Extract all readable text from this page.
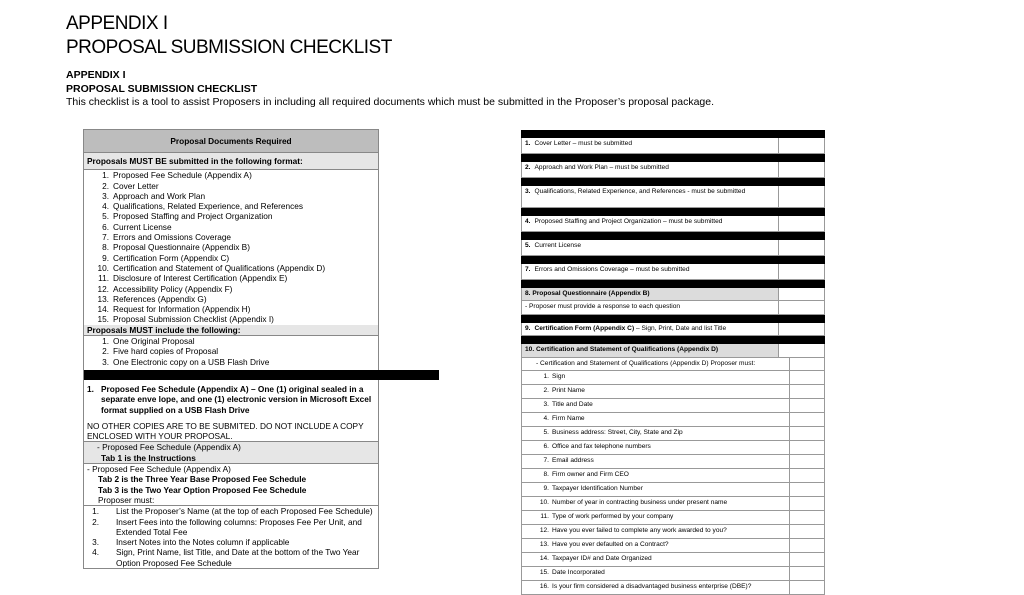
APPENDIX I
PROPOSAL SUBMISSION CHECKLIST
APPENDIX I
PROPOSAL SUBMISSION CHECKLIST
This checklist is a tool to assist Proposers in including all required documents which must be submitted in the Proposer’s proposal package.
Proposal Documents Required
Proposals MUST BE submitted in the following format:
1. Proposed Fee Schedule (Appendix A)
2. Cover Letter
3. Approach and Work Plan
4. Qualifications, Related Experience, and References
5. Proposed Staffing and Project Organization
6. Current License
7. Errors and Omissions Coverage
8. Proposal Questionnaire (Appendix B)
9. Certification Form (Appendix C)
10. Certification and Statement of Qualifications (Appendix D)
11. Disclosure of Interest Certification (Appendix E)
12. Accessibility Policy (Appendix F)
13. References (Appendix G)
14. Request for Information (Appendix H)
15. Proposal Submission Checklist (Appendix I)
Proposals MUST include the following:
1. One Original Proposal
2. Five hard copies of Proposal
3. One Electronic copy on a USB Flash Drive
1. Proposed Fee Schedule (Appendix A) – One (1) original sealed in a separate enve lope, and one (1) electronic version in Microsoft Excel format supplied on a USB Flash Drive
NO OTHER COPIES ARE TO BE SUBMITED. DO NOT INCLUDE A COPY ENCLOSED WITH YOUR PROPOSAL.
- Proposed Fee Schedule (Appendix A)
Tab 1 is the Instructions
- Proposed Fee Schedule (Appendix A)
Tab 2 is the Three Year Base Proposed Fee Schedule
Tab 3 is the Two Year Option Proposed Fee Schedule
Proposer must:
1.	List the Proposer’s Name (at the top of each Proposed Fee Schedule)
2.	Insert Fees into the following columns: Proposes Fee Per Unit, and Extended Total Fee
3.	Insert Notes into the Notes column if applicable
4.	Sign, Print Name, list Title, and Date at the bottom of the Two Year Option Proposed Fee Schedule
1. Cover Letter – must be submitted
2. Approach and Work Plan – must be submitted
3. Qualifications, Related Experience, and References - must be submitted
4. Proposed Staffing and Project Organization – must be submitted
5. Current License
7. Errors and Omissions Coverage – must be submitted
8. Proposal Questionnaire (Appendix B)
- Proposer must provide a response to each question
9. Certification Form (Appendix C) – Sign, Print, Date and list Title
10. Certification and Statement of Qualifications (Appendix D)
- Certification and Statement of Qualifications (Appendix D) Proposer must:
1. Sign
2. Print Name
3. Title and Date
4. Firm Name
5. Business address: Street, City, State and Zip
6. Office and fax telephone numbers
7. Email address
8. Firm owner and Firm CEO
9. Taxpayer Identification Number
10. Number of year in contracting business under present name
11. Type of work performed by your company
12. Have you ever failed to complete any work awarded to you?
13. Have you ever defaulted on a Contract?
14. Taxpayer ID# and Date Organized
15. Date Incorporated
16. Is your firm considered a disadvantaged business enterprise (DBE)?
